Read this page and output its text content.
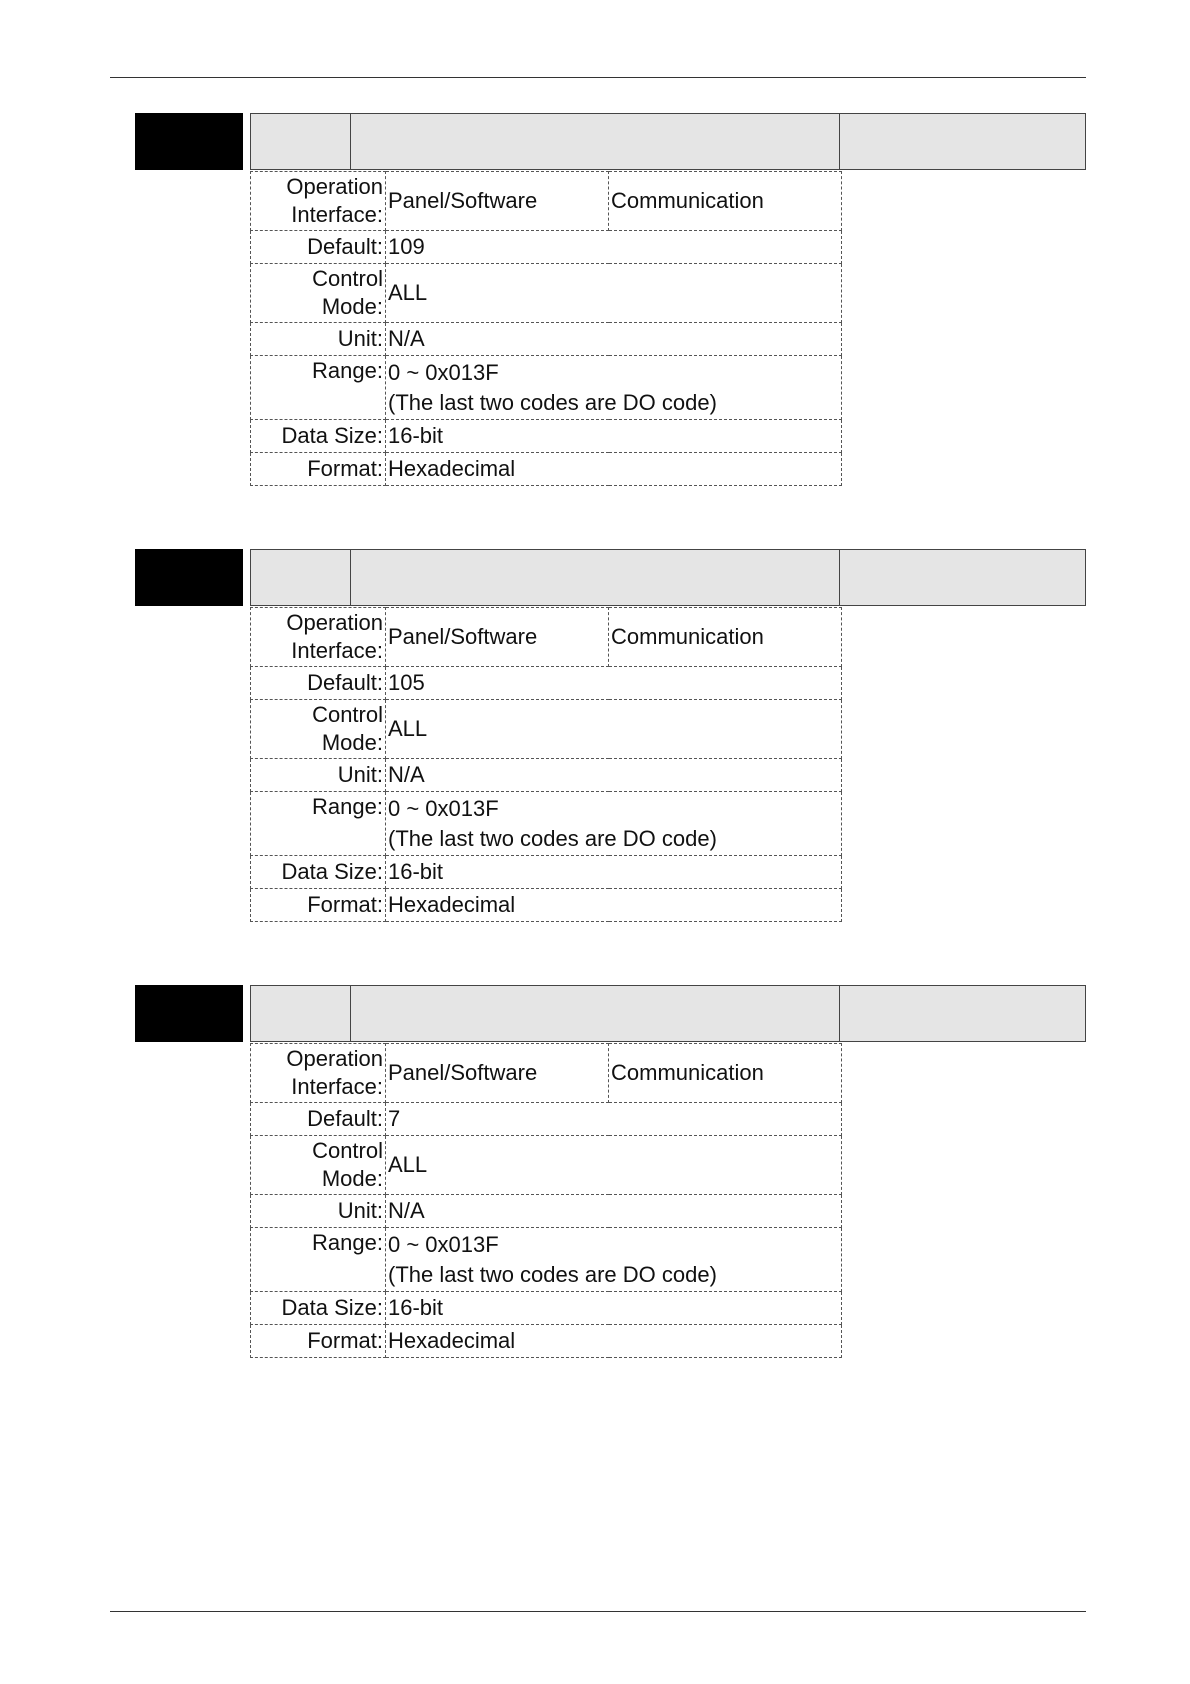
Operation
Interface:	Panel/Software	Communication
Default:	109	
Control
Mode:	ALL	
Unit:	N/A	
Range:	0 ~ 0x013F
(The last two codes are DO code)	

Data Size:	16-bit	
Format:	Hexadecimal	
Operation
Interface:	Panel/Software	Communication
Default:	105	
Control
Mode:	ALL	
Unit:	N/A	
Range:	0 ~ 0x013F
(The last two codes are DO code)	

Data Size:	16-bit	
Format:	Hexadecimal	
Operation
Interface:	Panel/Software	Communication
Default:	7	
Control
Mode:	ALL	
Unit:	N/A	
Range:	0 ~ 0x013F
(The last two codes are DO code)	

Data Size:	16-bit	
Format:	Hexadecimal	
